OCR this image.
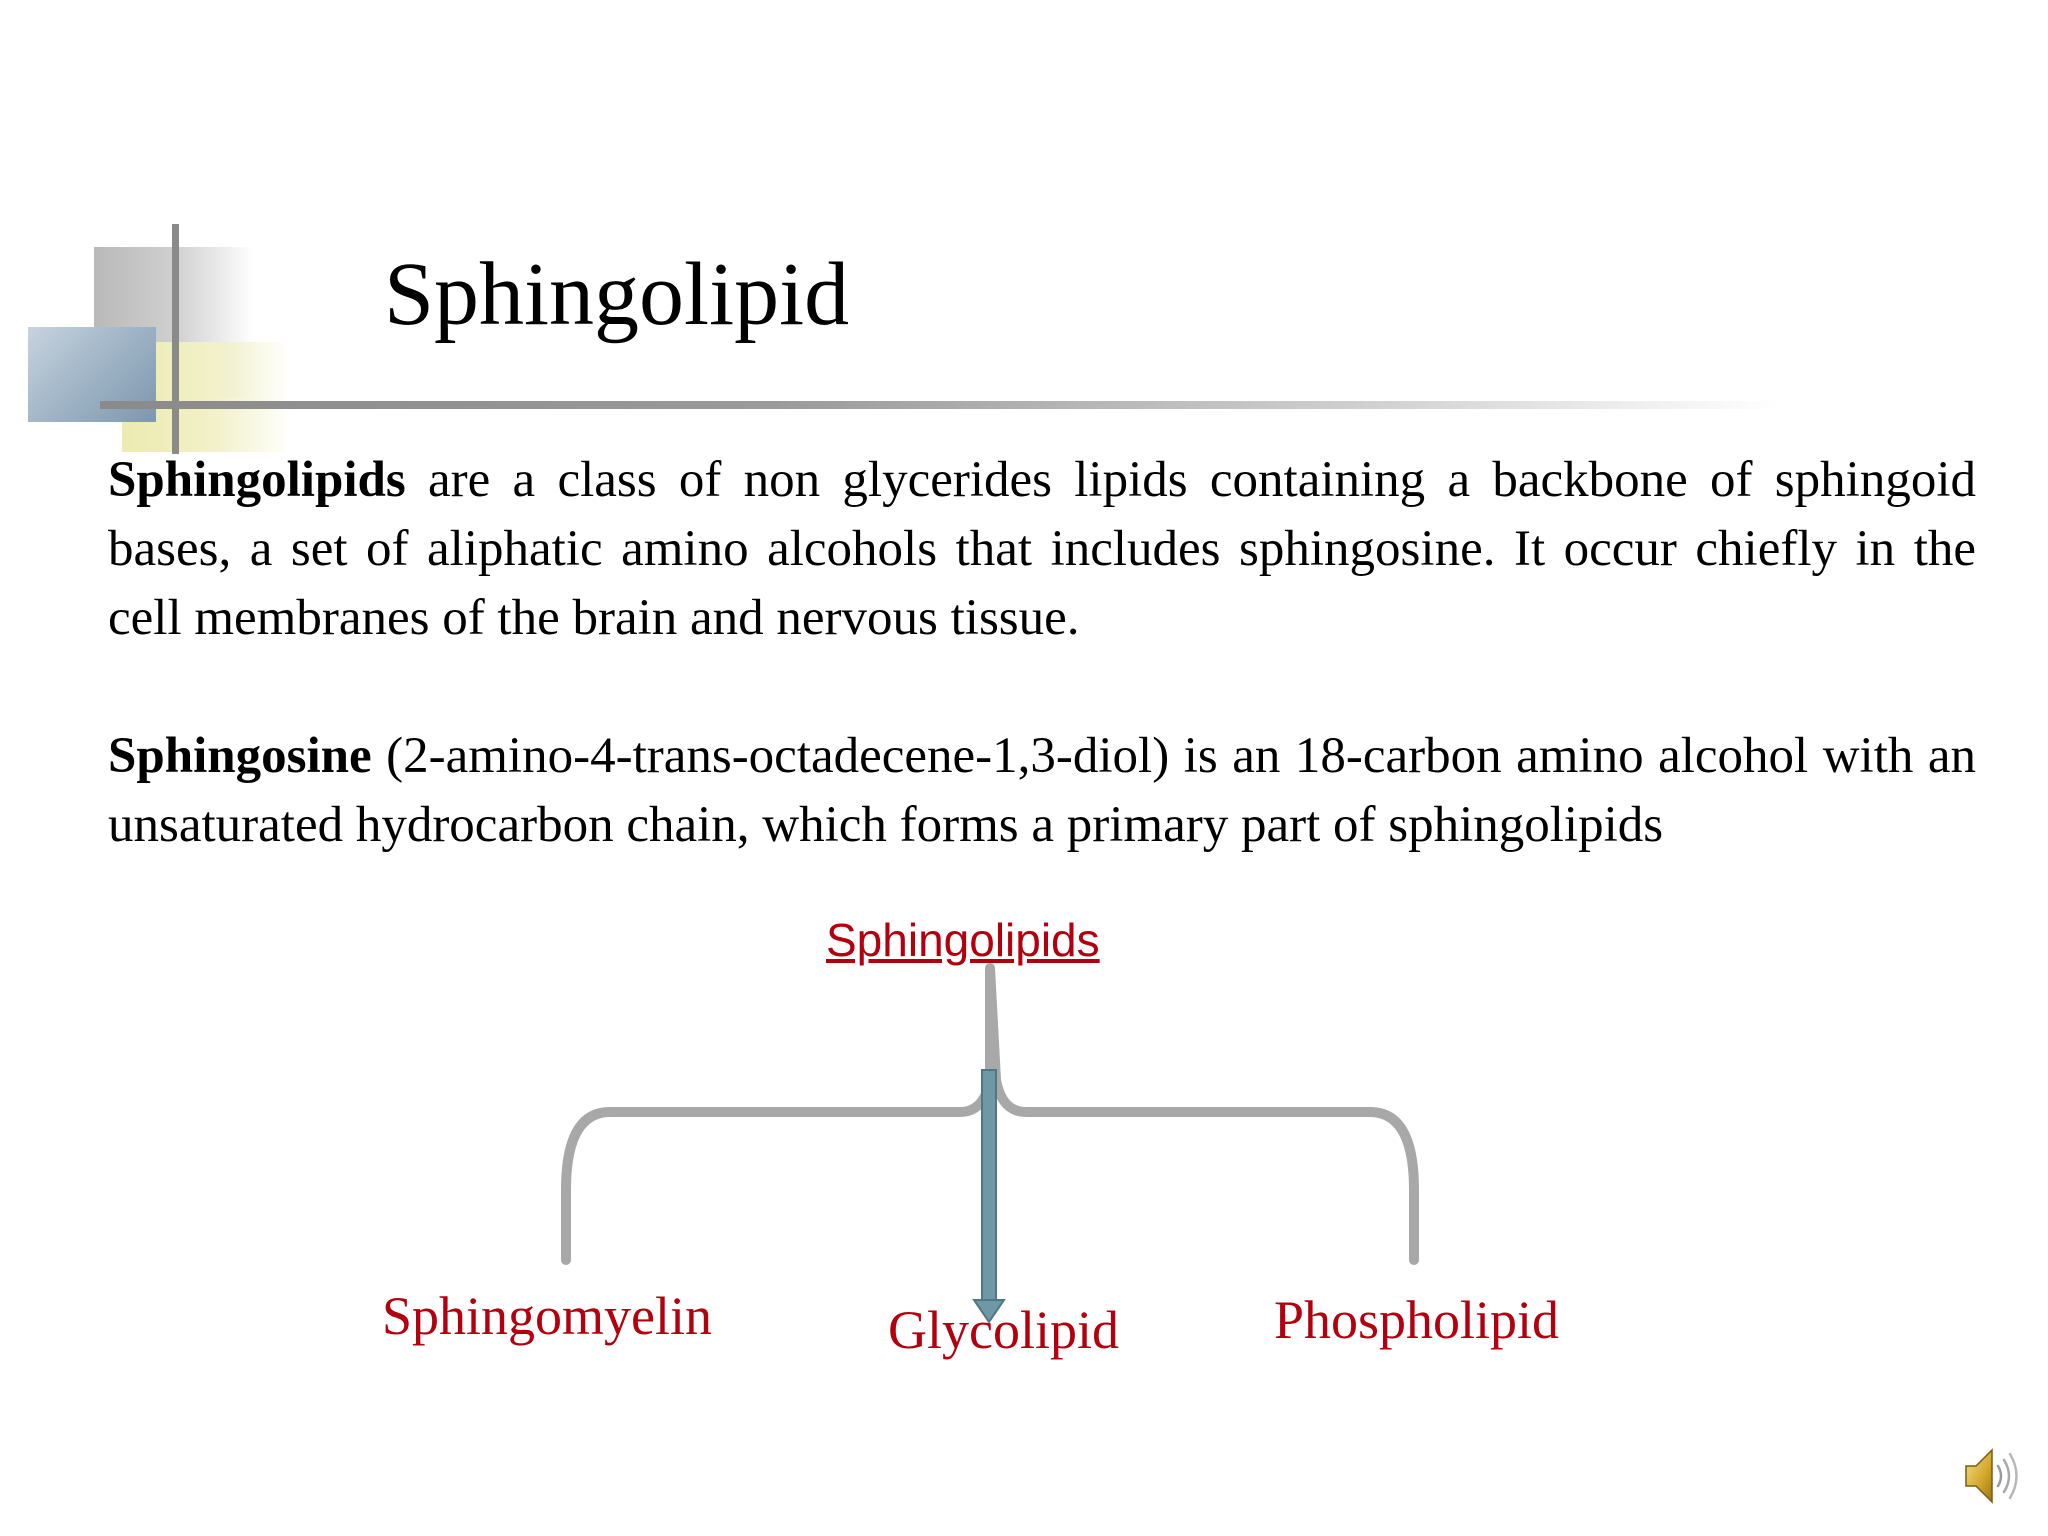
Sphingolipid

Sphingolipids are a class of non glycerides lipids containing a backbone of sphingoid bases, a set of aliphatic amino alcohols that includes sphingosine. It occur chiefly in the cell membranes of the brain and nervous tissue.

Sphingosine (2-amino-4-trans-octadecene-1,3-diol) is an 18-carbon amino alcohol with an unsaturated hydrocarbon chain, which forms a primary part of sphingolipids

Sphingolipids
Sphingomyelin	Glycolipid	Phospholipid
